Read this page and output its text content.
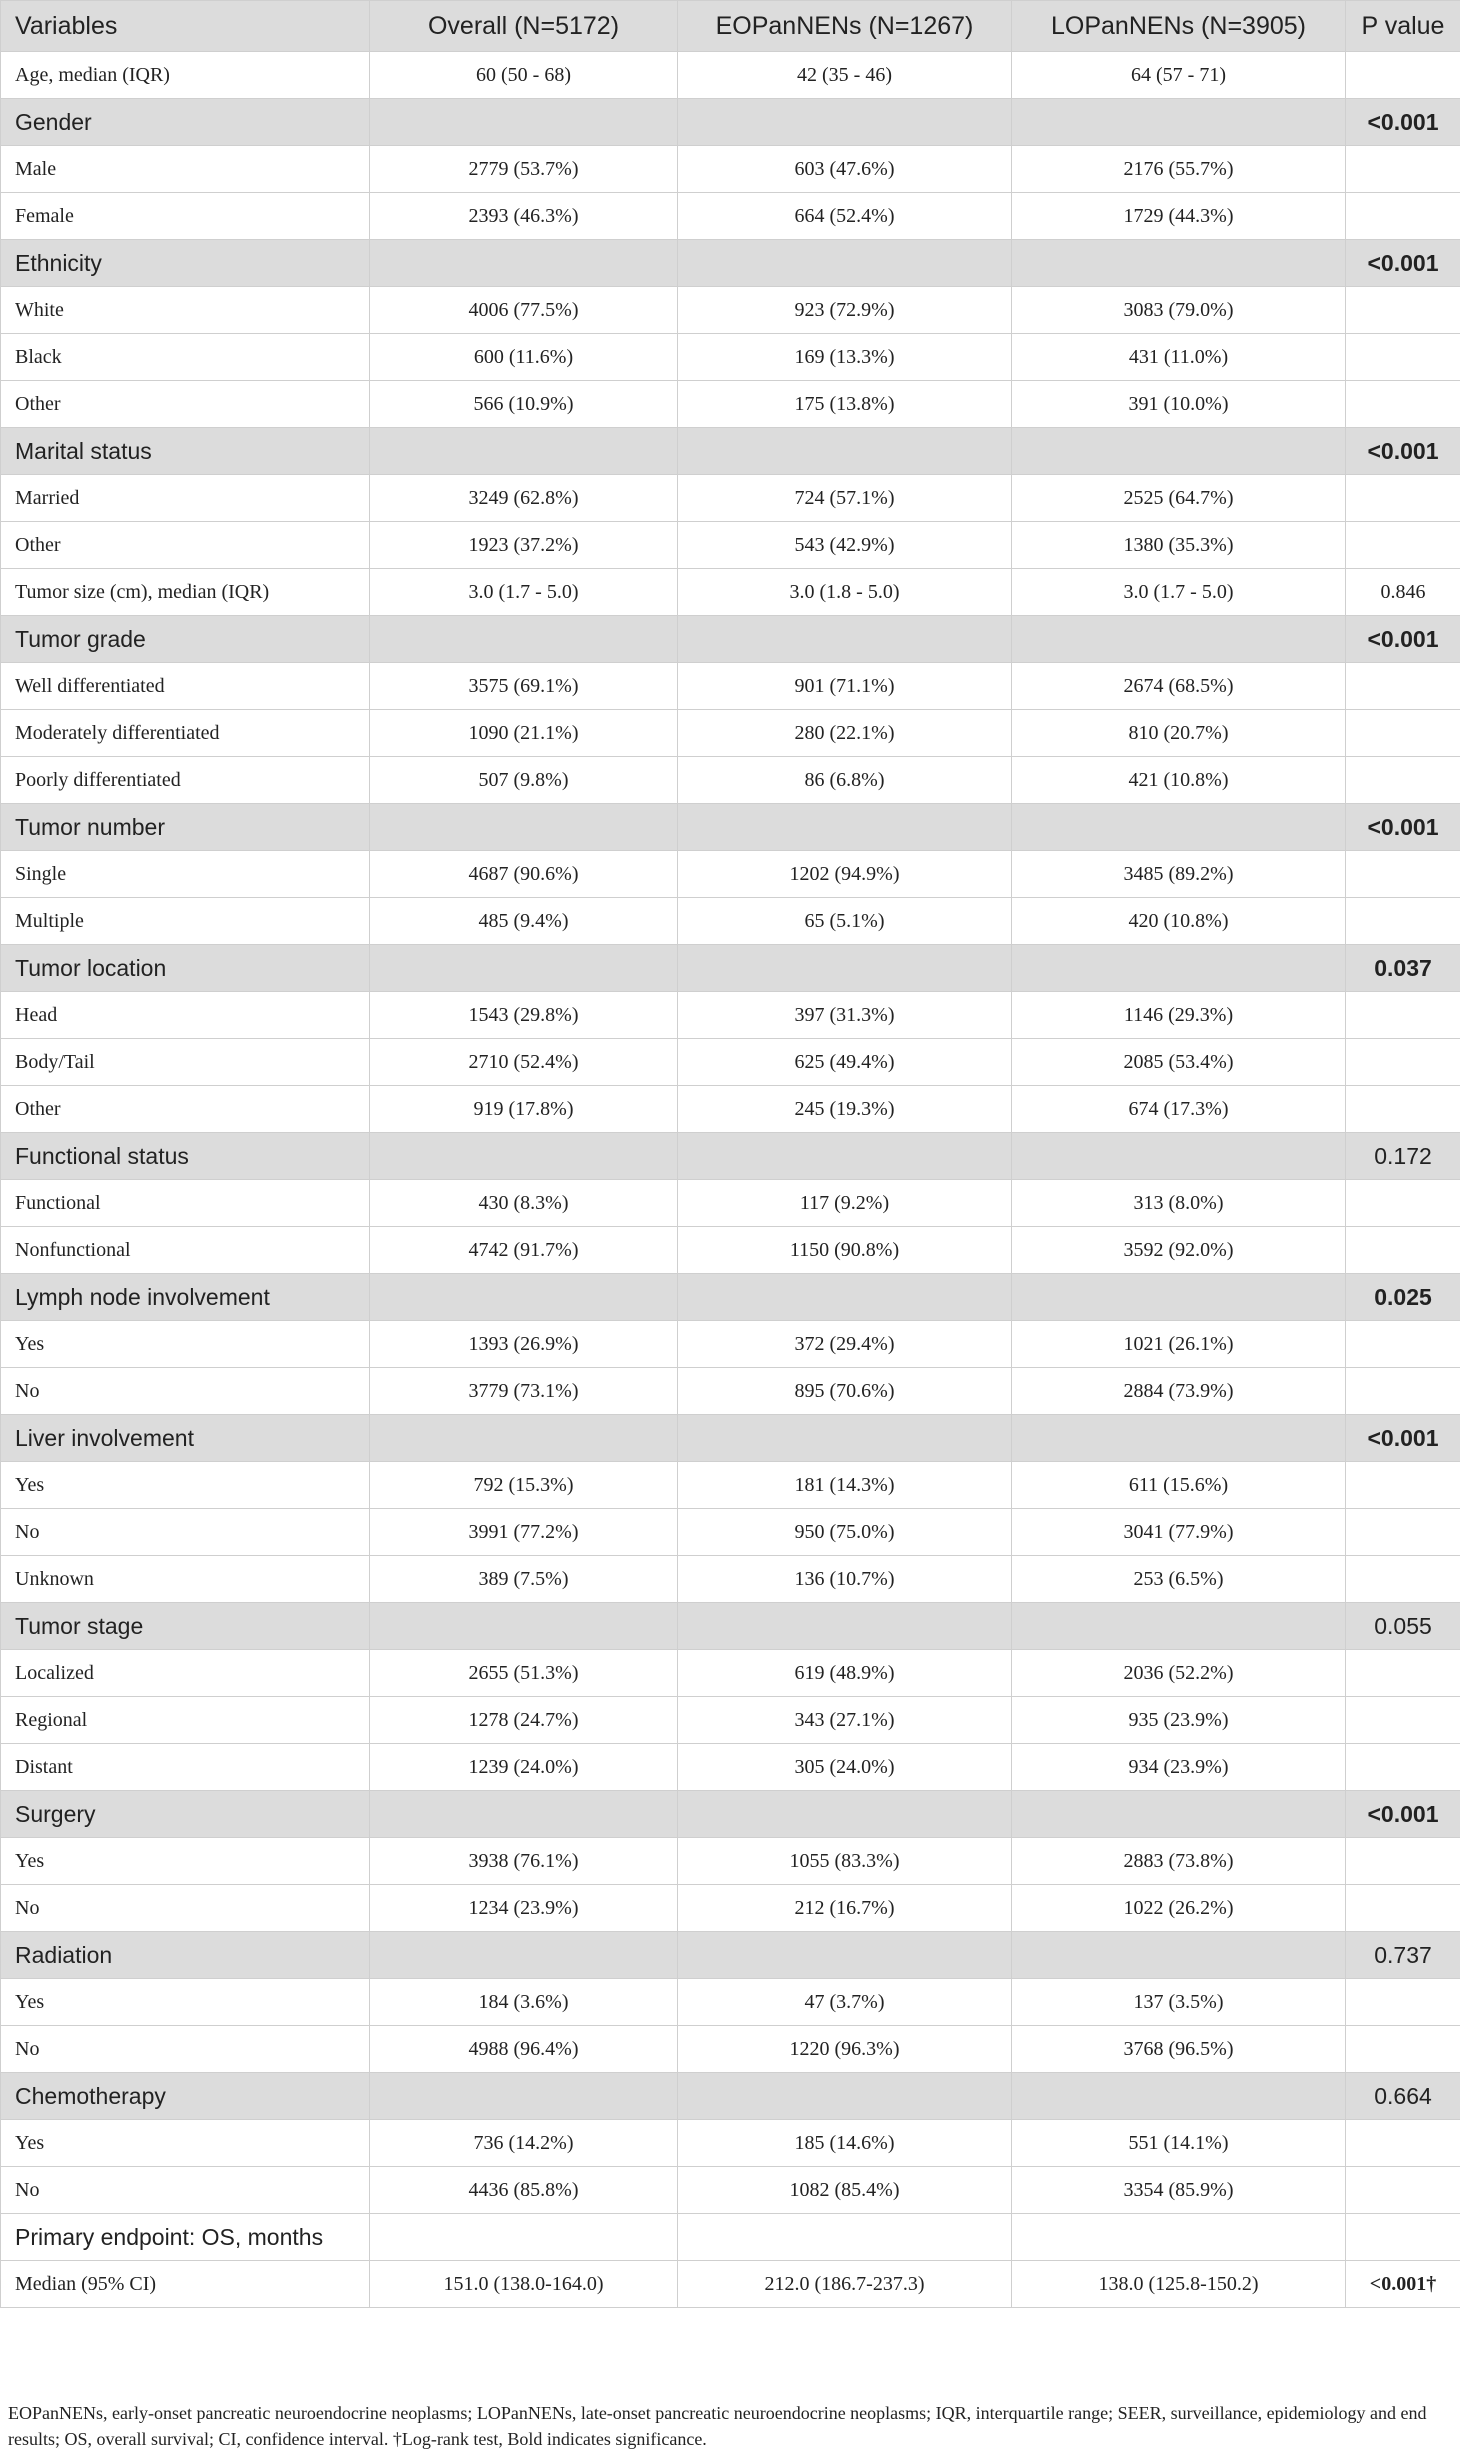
Variables	Overall (N=5172)	EOPanNENs (N=1267)	LOPanNENs (N=3905)	P value
Age, median (IQR)	60 (50 - 68)	42 (35 - 46)	64 (57 - 71)	
Gender				<0.001
Male	2779 (53.7%)	603 (47.6%)	2176 (55.7%)	
Female	2393 (46.3%)	664 (52.4%)	1729 (44.3%)	
Ethnicity				<0.001
White	4006 (77.5%)	923 (72.9%)	3083 (79.0%)	
Black	600 (11.6%)	169 (13.3%)	431 (11.0%)	
Other	566 (10.9%)	175 (13.8%)	391 (10.0%)	
Marital status				<0.001
Married	3249 (62.8%)	724 (57.1%)	2525 (64.7%)	
Other	1923 (37.2%)	543 (42.9%)	1380 (35.3%)	
Tumor size (cm), median (IQR)	3.0 (1.7 - 5.0)	3.0 (1.8 - 5.0)	3.0 (1.7 - 5.0)	0.846
Tumor grade				<0.001
Well differentiated	3575 (69.1%)	901 (71.1%)	2674 (68.5%)	
Moderately differentiated	1090 (21.1%)	280 (22.1%)	810 (20.7%)	
Poorly differentiated	507 (9.8%)	86 (6.8%)	421 (10.8%)	
Tumor number				<0.001
Single	4687 (90.6%)	1202 (94.9%)	3485 (89.2%)	
Multiple	485 (9.4%)	65 (5.1%)	420 (10.8%)	
Tumor location				0.037
Head	1543 (29.8%)	397 (31.3%)	1146 (29.3%)	
Body/Tail	2710 (52.4%)	625 (49.4%)	2085 (53.4%)	
Other	919 (17.8%)	245 (19.3%)	674 (17.3%)	
Functional status				0.172
Functional	430 (8.3%)	117 (9.2%)	313 (8.0%)	
Nonfunctional	4742 (91.7%)	1150 (90.8%)	3592 (92.0%)	
Lymph node involvement				0.025
Yes	1393 (26.9%)	372 (29.4%)	1021 (26.1%)	
No	3779 (73.1%)	895 (70.6%)	2884 (73.9%)	
Liver involvement				<0.001
Yes	792 (15.3%)	181 (14.3%)	611 (15.6%)	
No	3991 (77.2%)	950 (75.0%)	3041 (77.9%)	
Unknown	389 (7.5%)	136 (10.7%)	253 (6.5%)	
Tumor stage				0.055
Localized	2655 (51.3%)	619 (48.9%)	2036 (52.2%)	
Regional	1278 (24.7%)	343 (27.1%)	935 (23.9%)	
Distant	1239 (24.0%)	305 (24.0%)	934 (23.9%)	
Surgery				<0.001
Yes	3938 (76.1%)	1055 (83.3%)	2883 (73.8%)	
No	1234 (23.9%)	212 (16.7%)	1022 (26.2%)	
Radiation				0.737
Yes	184 (3.6%)	47 (3.7%)	137 (3.5%)	
No	4988 (96.4%)	1220 (96.3%)	3768 (96.5%)	
Chemotherapy				0.664
Yes	736 (14.2%)	185 (14.6%)	551 (14.1%)	
No	4436 (85.8%)	1082 (85.4%)	3354 (85.9%)	
Primary endpoint: OS, months				
Median (95% CI)	151.0 (138.0-164.0)	212.0 (186.7-237.3)	138.0 (125.8-150.2)	<0.001†
EOPanNENs, early-onset pancreatic neuroendocrine neoplasms; LOPanNENs, late-onset pancreatic neuroendocrine neoplasms; IQR, interquartile range; SEER, surveillance, epidemiology and end results; OS, overall survival; CI, confidence interval. †Log-rank test, Bold indicates significance.
